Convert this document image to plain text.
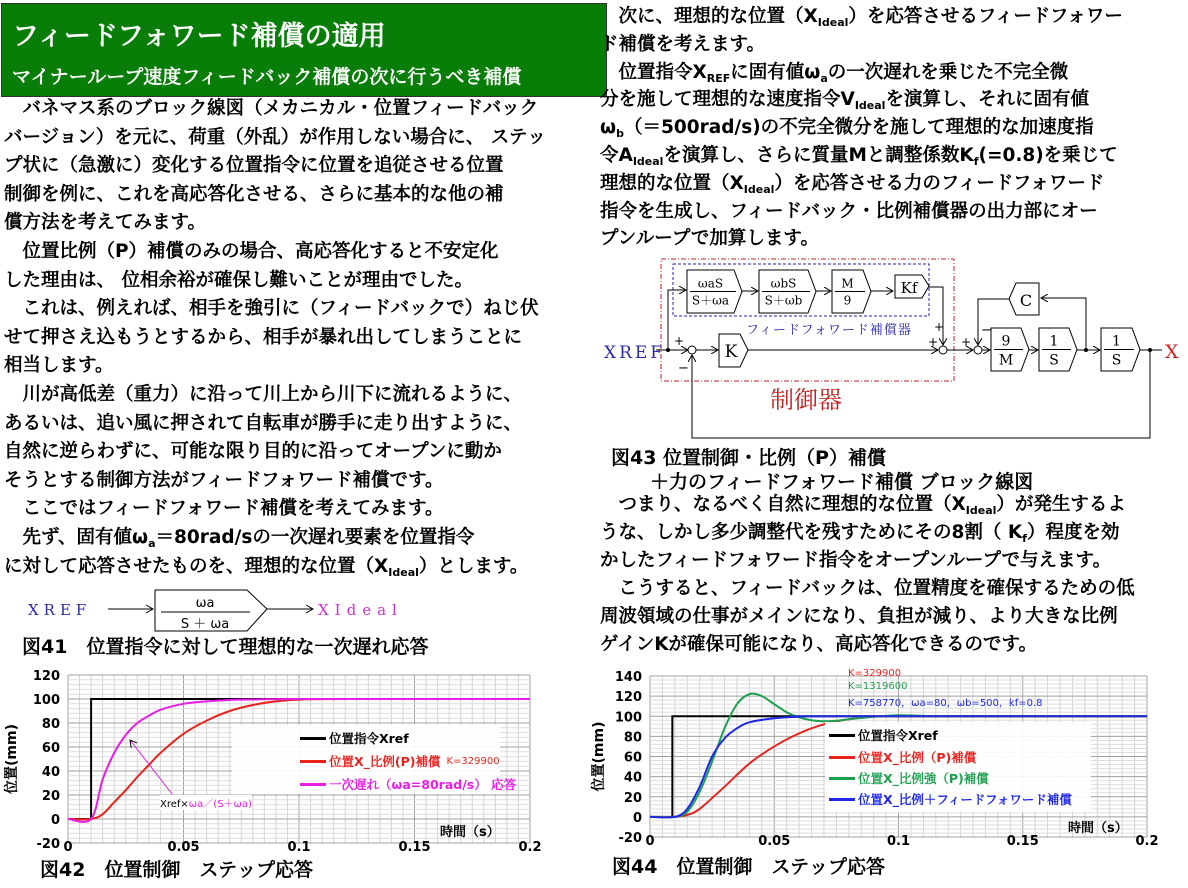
フィードフォワード補償の適用
マイナーループ速度フィードバック補償の次に行うべき補償
　バネマス系のブロック線図（メカニカル・位置フィードバック
バージョン）を元に、荷重（外乱）が作用しない場合に、 ステッ
プ状に（急激に）変化する位置指令に位置を追従させる位置
制御を例に、これを高応答化させる、さらに基本的な他の補
償方法を考えてみます。
　位置比例（P）補償のみの場合、高応答化すると不安定化
した理由は、 位相余裕が確保し難いことが理由でした。
　これは、例えれば、相手を強引に（フィードバックで）ねじ伏
せて押さえ込もうとするから、相手が暴れ出してしまうことに
相当します。
　川が高低差（重力）に沿って川上から川下に流れるように、
あるいは、追い風に押されて自転車が勝手に走り出すように、
自然に逆らわずに、可能な限り目的に沿ってオープンに動か
そうとする制御方法がフィードフォワード補償です。
　ここではフィードフォワード補償を考えてみます。
　先ず、固有値$\omega_a=80rad/s$の一次遅れ要素を位置指令
に対して応答させたものを、理想的な位置$(X_{Ideal})$とします。
　次に、理想的な位置$(X_{Ideal})$を応答させるフィードフォワー
ド補償を考えます。
　位置指令$X_{REF}$に固有値$\omega_a$の一次遅れを乗じた不完全微
分を施して理想的な速度指令$V_{Ideal}$を演算し、それに固有値
$\omega_b(=500rad/s)$の不完全微分を施して理想的な加速度指
令$A_{Ideal}$を演算し、さらに質量Mと調整係数$K_f(=0.8)$を乗じて
理想的な位置$(X_{Ideal})$を応答させる力のフィードフォワード
指令を生成し、フィードバック・比例補償器の出力部にオー
プンループで加算します。
　つまり、なるべく自然に理想的な位置$(X_{Ideal})$が発生するよ
うな、しかし多少調整代を残すためにその8割（ $K_f$）程度を効
かしたフィードフォワード指令をオープンループで与えます。
　こうすると、フィードバックは、位置精度を確保するための低
周波領域の仕事がメインになり、負担が減り、より大きな比例
ゲインKが確保可能になり、高応答化できるのです。
XREF	ωa
S ＋ ωa
XIdeal
図41　位置指令に対して理想的な一次遅れ応答
XREF	K
ωaS
S＋ωa
ωbS
S＋ωb
M
9
Kf
フィードフォワード補償器
9
M
1
S
1
S X
C
+
−
+
+
+
−
制御器
図43 位置制御・比例（P）補償
＋力のフィードフォワード補償 ブロック線図
-20
0
20
40
60
80
100
120
0	0.05	0.1	0.15	0.2
時間（s）
位置(mm)	位置指令Xref
位置X_比例(P)補償 K=329900
一次遅れ（ωa=80rad/s） 応答
Xref×ωa／(S＋ωa)
図42　位置制御　ステップ応答
-20
0
20
40
60
80
100
120
140
0	0.05	0.1	0.15	0.2
時間（s）
位置(mm)
K=329900
K=1319600
K=758770，ωa=80，ωb=500，kf=0.8
位置指令Xref
位置X_比例（P)補償
位置X_比例強（P)補償
位置X_比例＋フィードフォワード補償
図44　位置制御　ステップ応答
